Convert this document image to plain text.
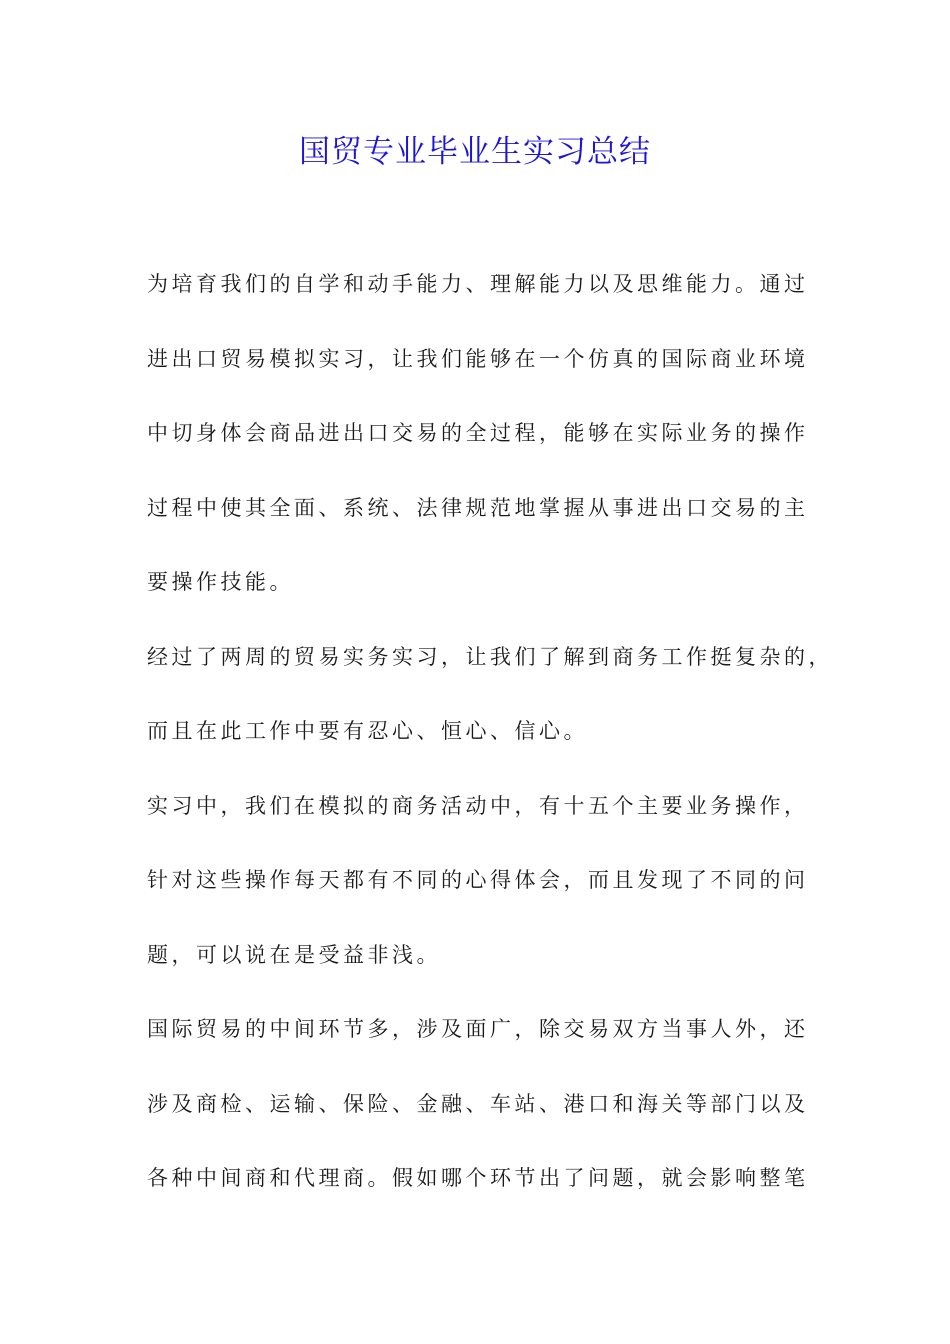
国贸专业毕业生实习总结

为培育我们的自学和动手能力、理解能力以及思维能力。通过

进出口贸易模拟实习，让我们能够在一个仿真的国际商业环境

中切身体会商品进出口交易的全过程，能够在实际业务的操作

过程中使其全面、系统、法律规范地掌握从事进出口交易的主

要操作技能。

经过了两周的贸易实务实习，让我们了解到商务工作挺复杂的，

而且在此工作中要有忍心、恒心、信心。

实习中，我们在模拟的商务活动中，有十五个主要业务操作，

针对这些操作每天都有不同的心得体会，而且发现了不同的问

题，可以说在是受益非浅。

国际贸易的中间环节多，涉及面广，除交易双方当事人外，还

涉及商检、运输、保险、金融、车站、港口和海关等部门以及

各种中间商和代理商。假如哪个环节出了问题，就会影响整笔
